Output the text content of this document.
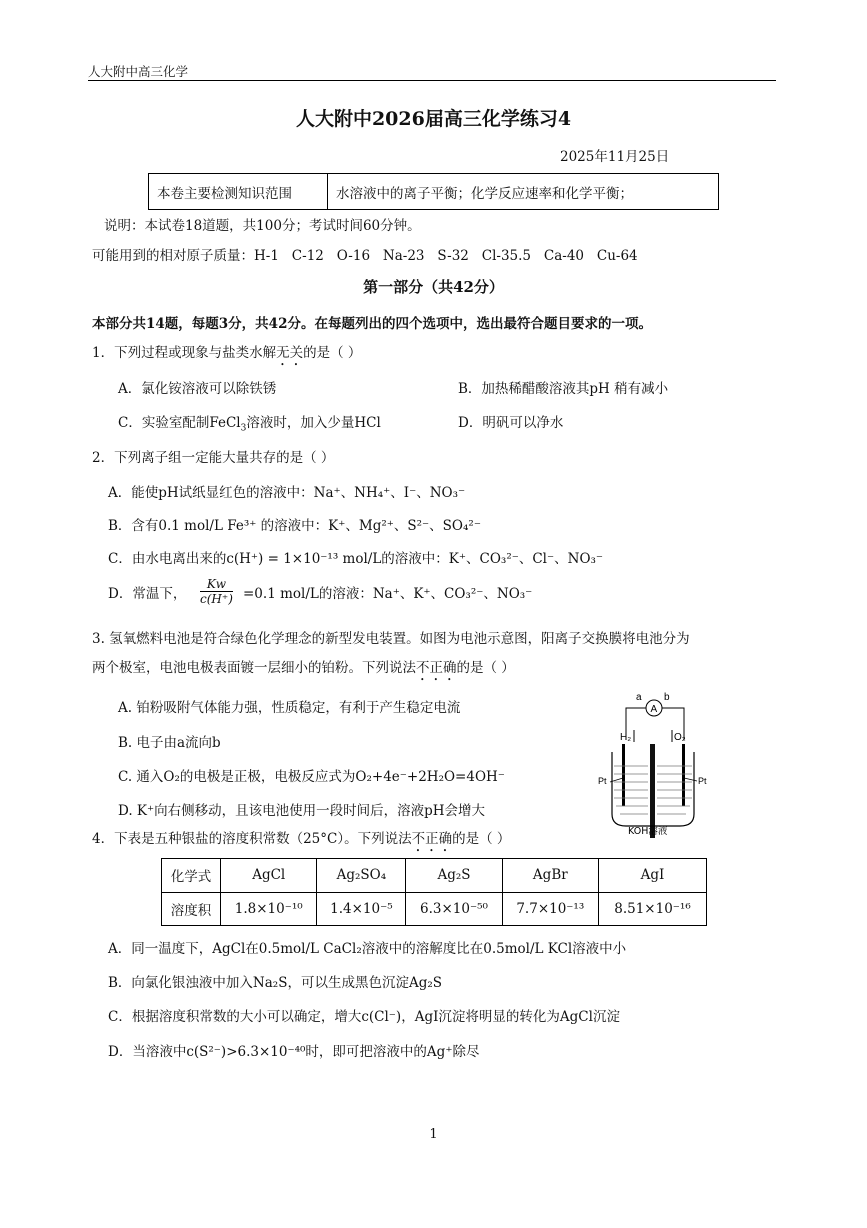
人大附中高三化学
人大附中2026届高三化学练习4
2025年11月25日
本卷主要检测知识范围	水溶液中的离子平衡；化学反应速率和化学平衡；
说明：本试卷18道题，共100分；考试时间60分钟。
可能用到的相对原子质量：H-1   C-12   O-16   Na-23   S-32   Cl-35.5   Ca-40   Cu-64
第一部分（共42分）
本部分共14题，每题3分，共42分。在每题列出的四个选项中，选出最符合题目要求的一项。
1．下列过程或现象与盐类水解无关的是（ ）
A．氯化铵溶液可以除铁锈	B．加热稀醋酸溶液其pH 稍有减小
C．实验室配制FeCl$_3$溶液时，加入少量HCl	D．明矾可以净水
2．下列离子组一定能大量共存的是（ ）
A．能使pH试纸显红色的溶液中：Na⁺、NH₄⁺、I⁻、NO₃⁻
B．含有0.1 mol/L Fe³⁺ 的溶液中：K⁺、Mg²⁺、S²⁻、SO₄²⁻
C．由水电离出来的c(H⁺) = 1×10⁻¹³ mol/L的溶液中：K⁺、CO₃²⁻、Cl⁻、NO₃⁻
D．常温下， $\frac{Kw}{c(H^+)} =0.1$ mol/L的溶液：Na⁺、K⁺、CO₃²⁻、NO₃⁻
3. 氢氧燃料电池是符合绿色化学理念的新型发电装置。如图为电池示意图，阳离子交换膜将电池分为
两个极室，电池电极表面镀一层细小的铂粉。下列说法不正确的是（ ）
A. 铂粉吸附气体能力强，性质稳定，有利于产生稳定电流
B. 电子由a流向b
C. 通入O₂的电极是正极，电极反应式为O₂+4e⁻+2H₂O=4OH⁻
D. K⁺向右侧移动，且该电池使用一段时间后，溶液pH会增大
a b
A
H₂	O₂
Pt	Pt
KOH溶液
4．下表是五种银盐的溶度积常数（25°C）。下列说法不正确的是（ ）
化学式	AgCl	Ag₂SO₄	Ag₂S	AgBr	AgI
溶度积	1.8×10⁻¹⁰	1.4×10⁻⁵	6.3×10⁻⁵⁰	7.7×10⁻¹³	8.51×10⁻¹⁶
A．同一温度下，AgCl在0.5mol/L CaCl₂溶液中的溶解度比在0.5mol/L KCl溶液中小
B．向氯化银浊液中加入Na₂S，可以生成黑色沉淀Ag₂S
C．根据溶度积常数的大小可以确定，增大c(Cl⁻)，AgI沉淀将明显的转化为AgCl沉淀
D．当溶液中c(S²⁻)>6.3×10⁻⁴⁰时，即可把溶液中的Ag⁺除尽
1
